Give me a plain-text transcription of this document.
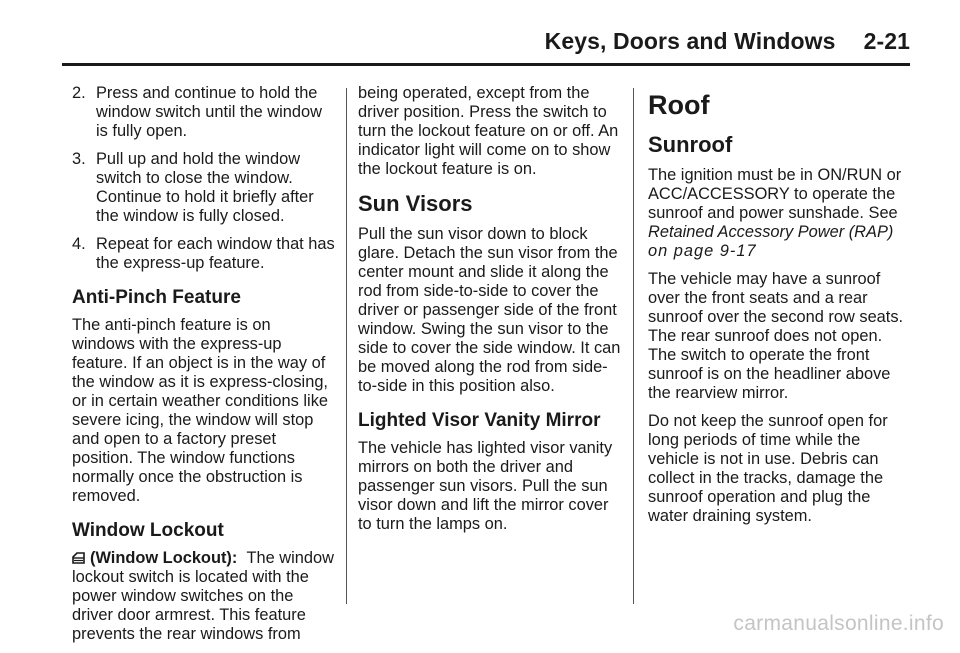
Keys, Doors and Windows 2-21
2. Press and continue to hold the window switch until the window is fully open.
3. Pull up and hold the window switch to close the window. Continue to hold it briefly after the window is fully closed.
4. Repeat for each window that has the express-up feature.
Anti-Pinch Feature

The anti-pinch feature is on windows with the express-up feature. If an object is in the way of the window as it is express-closing, or in certain weather conditions like severe icing, the window will stop and open to a factory preset position. The window functions normally once the obstruction is removed.

Window Lockout

(Window Lockout): The window lockout switch is located with the power window switches on the driver door armrest. This feature prevents the rear windows from

being operated, except from the driver position. Press the switch to turn the lockout feature on or off. An indicator light will come on to show the lockout feature is on.

Sun Visors

Pull the sun visor down to block glare. Detach the sun visor from the center mount and slide it along the rod from side-to-side to cover the driver or passenger side of the front window. Swing the sun visor to the side to cover the side window. It can be moved along the rod from side-to-side in this position also.

Lighted Visor Vanity Mirror

The vehicle has lighted visor vanity mirrors on both the driver and passenger sun visors. Pull the sun visor down and lift the mirror cover to turn the lamps on.

Roof
Sunroof

The ignition must be in ON/RUN or ACC/ACCESSORY to operate the sunroof and power sunshade. See Retained Accessory Power (RAP) on page 9-17

The vehicle may have a sunroof over the front seats and a rear sunroof over the second row seats. The rear sunroof does not open. The switch to operate the front sunroof is on the headliner above the rearview mirror.

Do not keep the sunroof open for long periods of time while the vehicle is not in use. Debris can collect in the tracks, damage the sunroof operation and plug the water draining system.

carmanualsonline.info
